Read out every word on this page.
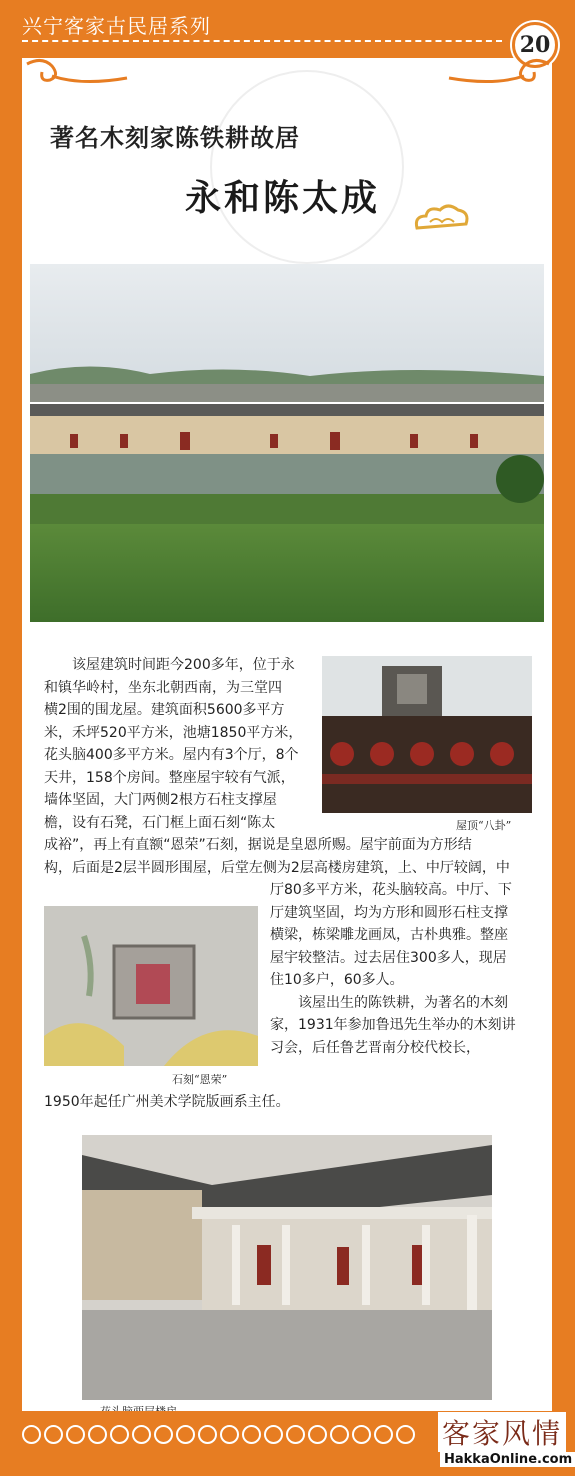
兴宁客家古民居系列
20
著名木刻家陈铁耕故居
永和陈太成
该屋建筑时间距今200多年，位于永
和镇华岭村，坐东北朝西南，为三堂四
横2围的围龙屋。建筑面积5600多平方
米，禾坪520平方米，池塘1850平方米，
花头脑400多平方米。屋内有3个厅，8个
天井，158个房间。整座屋宇较有气派，
墙体坚固，大门两侧2根方石柱支撑屋
檐，设有石凳，石门框上面石刻“陈太
成裕”，再上有直额“恩荣”石刻，据说是皇恩所赐。屋宇前面为方形结
构，后面是2层半圆形围屋，后堂左侧为2层高楼房建筑，上、中厅较阔，中
厅80多平方米，花头脑较高。中厅、下
厅建筑坚固，均为方形和圆形石柱支撑
横梁，栋梁雕龙画凤，古朴典雅。整座
屋宇较整洁。过去居住300多人，现居
住10多户，60多人。
该屋出生的陈铁耕，为著名的木刻
家，1931年参加鲁迅先生举办的木刻讲
习会，后任鲁艺晋南分校代校长，
1950年起任广州美术学院版画系主任。
屋顶“八卦”
石刻“恩荣”
客家风情
HakkaOnline.com
